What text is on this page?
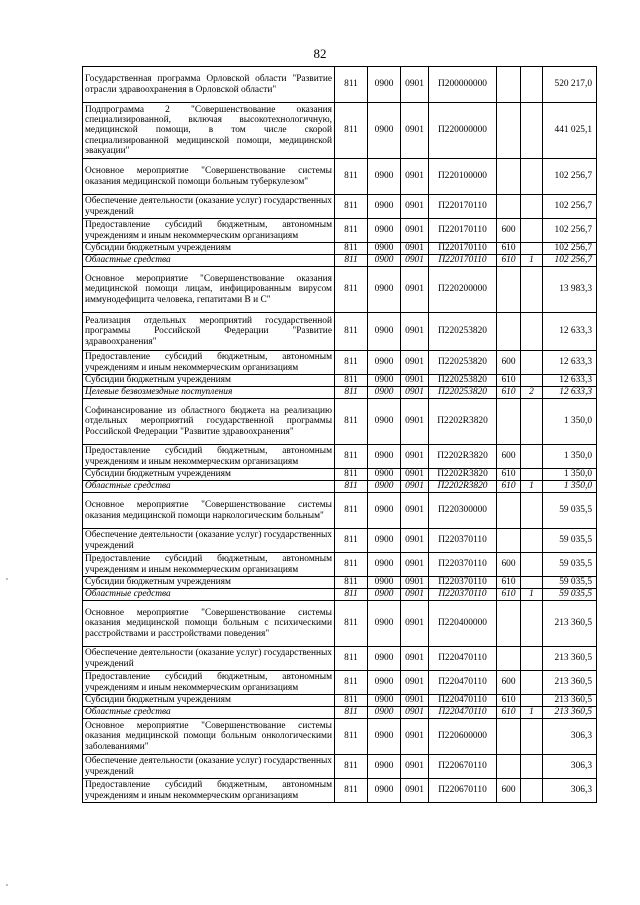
82
Государственная программа Орловской области "Развитие отрасли здравоохранения в Орловской области"	811	0900	0901	П200000000			520 217,0
Подпрограмма 2 "Совершенствование оказания специализированной, включая высокотехнологичную, медицинской помощи, в том числе скорой специализированной медицинской помощи, медицинской эвакуации"	811	0900	0901	П220000000			441 025,1
Основное мероприятие "Совершенствование системы оказания медицинской помощи больным туберкулезом"	811	0900	0901	П220100000			102 256,7
Обеспечение деятельности (оказание услуг) государственных учреждений	811	0900	0901	П220170110			102 256,7
Предоставление субсидий бюджетным, автономным учреждениям и иным некоммерческим организациям	811	0900	0901	П220170110	600		102 256,7
Субсидии бюджетным учреждениям	811	0900	0901	П220170110	610		102 256,7
Областные средства	811	0900	0901	П220170110	610	1	102 256,7
Основное мероприятие "Совершенствование оказания медицинской помощи лицам, инфицированным вирусом иммунодефицита человека, гепатитами В и С"	811	0900	0901	П220200000			13 983,3
Реализация отдельных мероприятий государственной программы Российской Федерации "Развитие здравоохранения"	811	0900	0901	П220253820			12 633,3
Предоставление субсидий бюджетным, автономным учреждениям и иным некоммерческим организациям	811	0900	0901	П220253820	600		12 633,3
Субсидии бюджетным учреждениям	811	0900	0901	П220253820	610		12 633,3
Целевые безвозмездные поступления	811	0900	0901	П220253820	610	2	12 633,3
Софинансирование из областного бюджета на реализацию отдельных мероприятий государственной программы Российской Федерации "Развитие здравоохранения"	811	0900	0901	П2202R3820			1 350,0
Предоставление субсидий бюджетным, автономным учреждениям и иным некоммерческим организациям	811	0900	0901	П2202R3820	600		1 350,0
Субсидии бюджетным учреждениям	811	0900	0901	П2202R3820	610		1 350,0
Областные средства	811	0900	0901	П2202R3820	610	1	1 350,0
Основное мероприятие "Совершенствование системы оказания медицинской помощи наркологическим больным"	811	0900	0901	П220300000			59 035,5
Обеспечение деятельности (оказание услуг) государственных учреждений	811	0900	0901	П220370110			59 035,5
Предоставление субсидий бюджетным, автономным учреждениям и иным некоммерческим организациям	811	0900	0901	П220370110	600		59 035,5
Субсидии бюджетным учреждениям	811	0900	0901	П220370110	610		59 035,5
Областные средства	811	0900	0901	П220370110	610	1	59 035,5
Основное мероприятие "Совершенствование системы оказания медицинской помощи больным с психическими расстройствами и расстройствами поведения"	811	0900	0901	П220400000			213 360,5
Обеспечение деятельности (оказание услуг) государственных учреждений	811	0900	0901	П220470110			213 360,5
Предоставление субсидий бюджетным, автономным учреждениям и иным некоммерческим организациям	811	0900	0901	П220470110	600		213 360,5
Субсидии бюджетным учреждениям	811	0900	0901	П220470110	610		213 360,5
Областные средства	811	0900	0901	П220470110	610	1	213 360,5
Основное мероприятие "Совершенствование системы оказания медицинской помощи больным онкологическими заболеваниями"	811	0900	0901	П220600000			306,3
Обеспечение деятельности (оказание услуг) государственных учреждений	811	0900	0901	П220670110			306,3
Предоставление субсидий бюджетным, автономным учреждениям и иным некоммерческим организациям	811	0900	0901	П220670110	600		306,3
